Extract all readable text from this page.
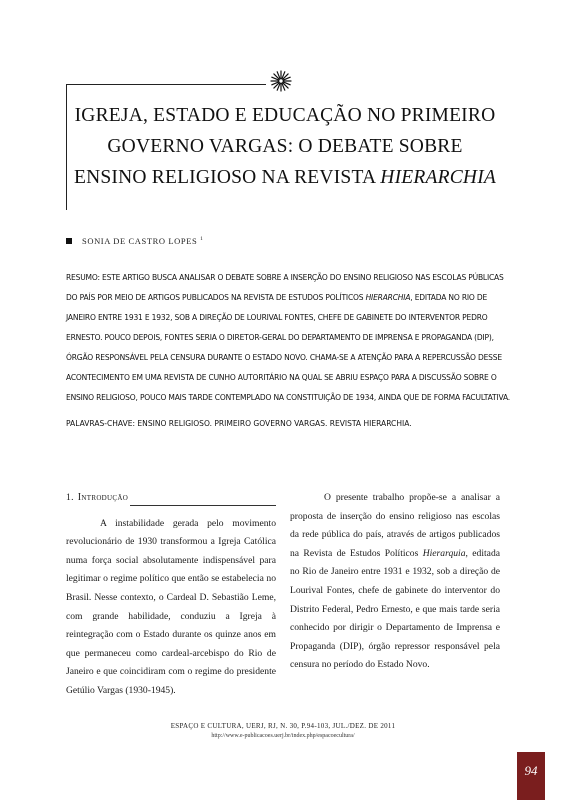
IGREJA, ESTADO E EDUCAÇÃO NO PRIMEIRO
GOVERNO VARGAS: O DEBATE SOBRE
ENSINO RELIGIOSO NA REVISTA HIERARCHIA
SONIA DE CASTRO LOPES $^1$
RESUMO: ESTE ARTIGO BUSCA ANALISAR O DEBATE SOBRE A INSERÇÃO DO ENSINO RELIGIOSO NAS ESCOLAS PÚBLICAS DO PAÍS POR MEIO DE ARTIGOS PUBLICADOS NA REVISTA DE ESTUDOS POLÍTICOS HIERARCHIA, EDITADA NO RIO DE JANEIRO ENTRE 1931 E 1932, SOB A DIREÇÃO DE LOURIVAL FONTES, CHEFE DE GABINETE DO INTERVENTOR PEDRO ERNESTO. POUCO DEPOIS, FONTES SERIA O DIRETOR-GERAL DO DEPARTAMENTO DE IMPRENSA E PROPAGANDA (DIP), ÓRGÃO RESPONSÁVEL PELA CENSURA DURANTE O ESTADO NOVO. CHAMA-SE A ATENÇÃO PARA A REPERCUSSÃO DESSE ACONTECIMENTO EM UMA REVISTA DE CUNHO AUTORITÁRIO NA QUAL SE ABRIU ESPAÇO PARA A DISCUSSÃO SOBRE O ENSINO RELIGIOSO, POUCO MAIS TARDE CONTEMPLADO NA CONSTITUIÇÃO DE 1934, AINDA QUE DE FORMA FACULTATIVA.
PALAVRAS-CHAVE: ENSINO RELIGIOSO. PRIMEIRO GOVERNO VARGAS. REVISTA HIERARCHIA.
1. Introdução

A instabilidade gerada pelo movimento revolucionário de 1930 transformou a Igreja Católica numa força social absolutamente indispensável para legitimar o regime político que então se estabelecia no Brasil. Nesse contexto, o Cardeal D. Sebastião Leme, com grande habilidade, conduziu a Igreja à reintegração com o Estado durante os quinze anos em que permaneceu como cardeal-arcebispo do Rio de Janeiro e que coincidiram com o regime do presidente Getúlio Vargas (1930-1945).

O presente trabalho propõe-se a analisar a proposta de inserção do ensino religioso nas escolas da rede pública do país, através de artigos publicados na Revista de Estudos Políticos Hierarquia, editada no Rio de Janeiro entre 1931 e 1932, sob a direção de Lourival Fontes, chefe de gabinete do interventor do Distrito Federal, Pedro Ernesto, e que mais tarde seria conhecido por dirigir o Departamento de Imprensa e Propaganda (DIP), órgão repressor responsável pela censura no período do Estado Novo.

ESPAÇO E CULTURA, UERJ, RJ, N. 30, P.94-103, JUL./DEZ. DE 2011
http://www.e-publicacoes.uerj.br/index.php/espacoecultura/
94
